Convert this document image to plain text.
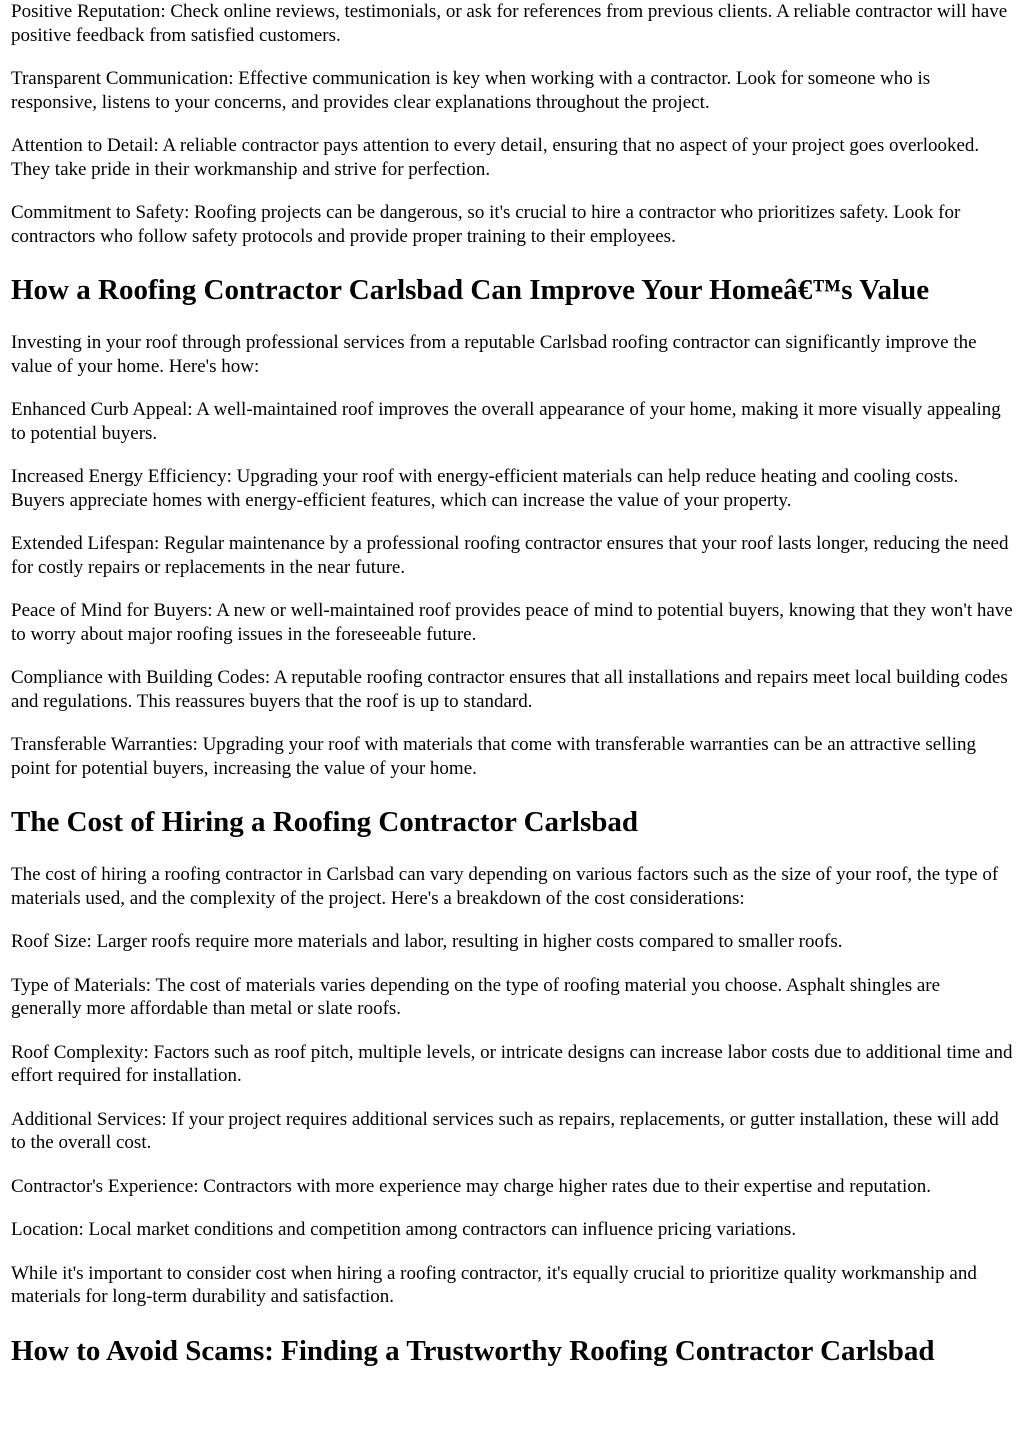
Positive Reputation: Check online reviews, testimonials, or ask for references from previous clients. A reliable contractor will have positive feedback from satisfied customers.

Transparent Communication: Effective communication is key when working with a contractor. Look for someone who is responsive, listens to your concerns, and provides clear explanations throughout the project.

Attention to Detail: A reliable contractor pays attention to every detail, ensuring that no aspect of your project goes overlooked. They take pride in their workmanship and strive for perfection.

Commitment to Safety: Roofing projects can be dangerous, so it's crucial to hire a contractor who prioritizes safety. Look for contractors who follow safety protocols and provide proper training to their employees.

How a Roofing Contractor Carlsbad Can Improve Your Homeâ€™s Value

Investing in your roof through professional services from a reputable Carlsbad roofing contractor can significantly improve the value of your home. Here's how:

Enhanced Curb Appeal: A well-maintained roof improves the overall appearance of your home, making it more visually appealing to potential buyers.

Increased Energy Efficiency: Upgrading your roof with energy-efficient materials can help reduce heating and cooling costs. Buyers appreciate homes with energy-efficient features, which can increase the value of your property.

Extended Lifespan: Regular maintenance by a professional roofing contractor ensures that your roof lasts longer, reducing the need for costly repairs or replacements in the near future.

Peace of Mind for Buyers: A new or well-maintained roof provides peace of mind to potential buyers, knowing that they won't have to worry about major roofing issues in the foreseeable future.

Compliance with Building Codes: A reputable roofing contractor ensures that all installations and repairs meet local building codes and regulations. This reassures buyers that the roof is up to standard.

Transferable Warranties: Upgrading your roof with materials that come with transferable warranties can be an attractive selling point for potential buyers, increasing the value of your home.

The Cost of Hiring a Roofing Contractor Carlsbad

The cost of hiring a roofing contractor in Carlsbad can vary depending on various factors such as the size of your roof, the type of materials used, and the complexity of the project. Here's a breakdown of the cost considerations:

Roof Size: Larger roofs require more materials and labor, resulting in higher costs compared to smaller roofs.

Type of Materials: The cost of materials varies depending on the type of roofing material you choose. Asphalt shingles are generally more affordable than metal or slate roofs.

Roof Complexity: Factors such as roof pitch, multiple levels, or intricate designs can increase labor costs due to additional time and effort required for installation.

Additional Services: If your project requires additional services such as repairs, replacements, or gutter installation, these will add to the overall cost.

Contractor's Experience: Contractors with more experience may charge higher rates due to their expertise and reputation.

Location: Local market conditions and competition among contractors can influence pricing variations.

While it's important to consider cost when hiring a roofing contractor, it's equally crucial to prioritize quality workmanship and materials for long-term durability and satisfaction.

How to Avoid Scams: Finding a Trustworthy Roofing Contractor Carlsbad
